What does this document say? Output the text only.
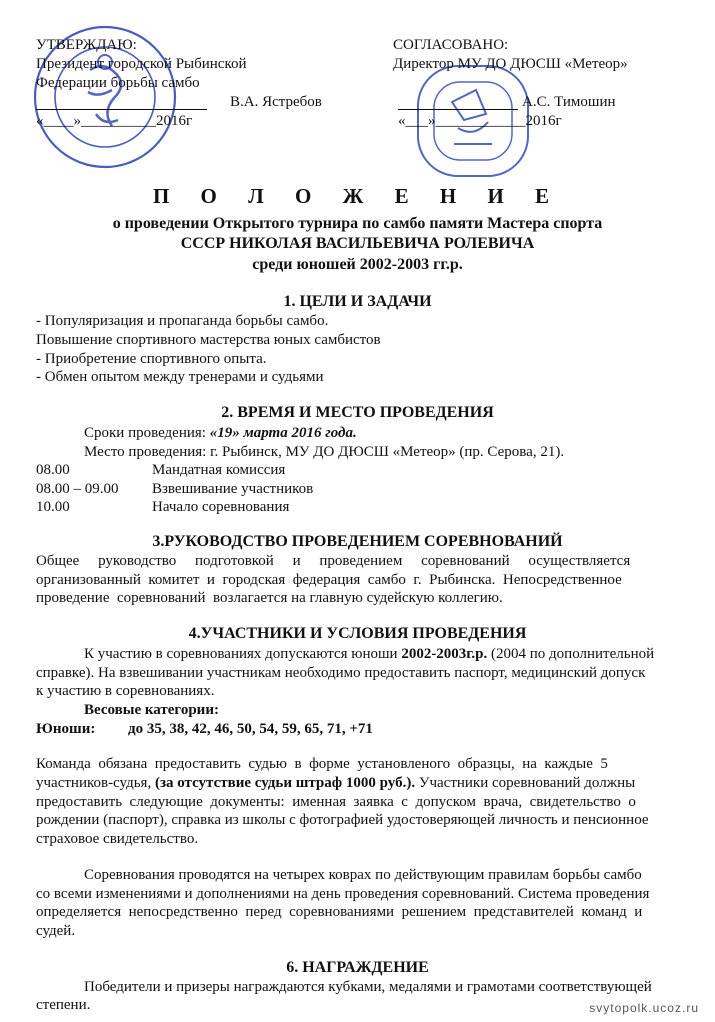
УТВЕРЖДАЮ:
Президент городской Рыбинской
Федерации борьбы самбо
В.А. Ястребов
«____»__________2016г
СОГЛАСОВАНО:
Директор МУ ДО ДЮСШ «Метеор»
А.С. Тимошин
«___»____________2016г
П О Л О Ж Е Н И Е
о проведении Открытого турнира по самбо памяти Мастера спорта
СССР НИКОЛАЯ ВАСИЛЬЕВИЧА РОЛЕВИЧА
среди юношей 2002-2003 гг.р.
1. ЦЕЛИ И ЗАДАЧИ
- Популяризация и пропаганда борьбы самбо.
Повышение спортивного мастерства юных самбистов
- Приобретение спортивного опыта.
- Обмен опытом между тренерами и судьями
2. ВРЕМЯ И МЕСТО ПРОВЕДЕНИЯ
Сроки проведения: «19» марта 2016 года.
Место проведения: г. Рыбинск, МУ ДО ДЮСШ «Метеор» (пр. Серова, 21).
08.00	Мандатная комиссия
08.00 – 09.00 Взвешивание участников
10.00	Начало соревнования
3.РУКОВОДСТВО ПРОВЕДЕНИЕМ СОРЕВНОВАНИЙ
Общее     руководство     подготовкой     и     проведением     соревнований     осуществляется
организованный  комитет  и  городская  федерация  самбо  г.  Рыбинска.  Непосредственное
проведение  соревнований  возлагается на главную судейскую коллегию.
4.УЧАСТНИКИ И УСЛОВИЯ ПРОВЕДЕНИЯ
К участию в соревнованиях допускаются юноши 2002-2003г.р. (2004 по дополнительной
справке). На взвешивании участникам необходимо предоставить паспорт, медицинский допуск
к участию в соревнованиях.
Весовые категории:
Юноши: до 35, 38, 42, 46, 50, 54, 59, 65, 71, +71
Команда  обязана  предоставить  судью  в  форме  установленого  образцы,  на  каждые  5
участников-судья, (за отсутствие судьи штраф 1000 руб.). Участники соревнований должны
предоставить  следующие  документы:  именная  заявка  с  допуском  врача,  свидетельство  о
рождении (паспорт), справка из школы с фотографией удостоверяющей личность и пенсионное
страховое свидетельство.
Соревнования проводятся на четырех коврах по действующим правилам борьбы самбо
со всеми изменениями и дополнениями на день проведения соревнований. Система проведения
определяется  непосредственно  перед  соревнованиями  решением  представителей  команд  и
судей.
6. НАГРАЖДЕНИЕ
Победители и призеры награждаются кубками, медалями и грамотами соответствующей
степени.	svytopolk.ucoz.ru
